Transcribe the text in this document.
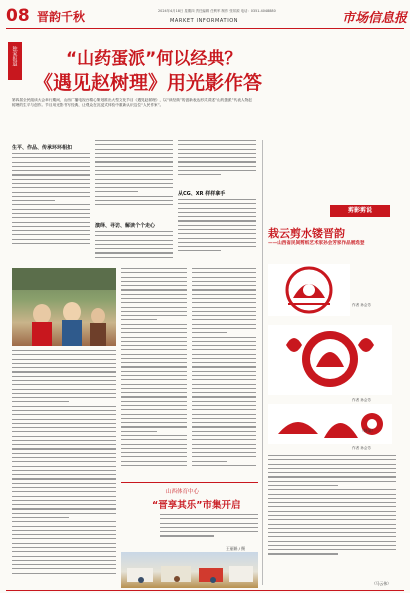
08 晋韵千秋	2024年4月18日 星期四 责任编辑 任利军 制作 张邦源 电话：0351-4048880
MARKET INFORMATION	市场信息报
“山药蛋派”何以经典？
《遇见赵树理》用光影作答
独家报道
第四届全民阅读大会举行期间，山西广播电视台精心策划推出大型文化节目《遇见赵树理》，以“读经典”的创新表达形式讲述“山药蛋派”代表人物赵树理的生平与创作。节目用光影书写经典，让观众在沉浸式体验中重新认识这位“人民作家”。
剪影剪说
栽云剪水镂晋韵
——山西省民间剪纸艺术家孙会芳家作品展选登
作者 孙会芳
作者 孙会芳
作者 孙会芳
（韩晶）
（马云伟）
生平、作品、传承环环相扣
演绎、寻访、解读个个走心
从CG、XR 样样拿手
山西体育中心
“晋享其乐”市集开启
王丽娟 / 摄
